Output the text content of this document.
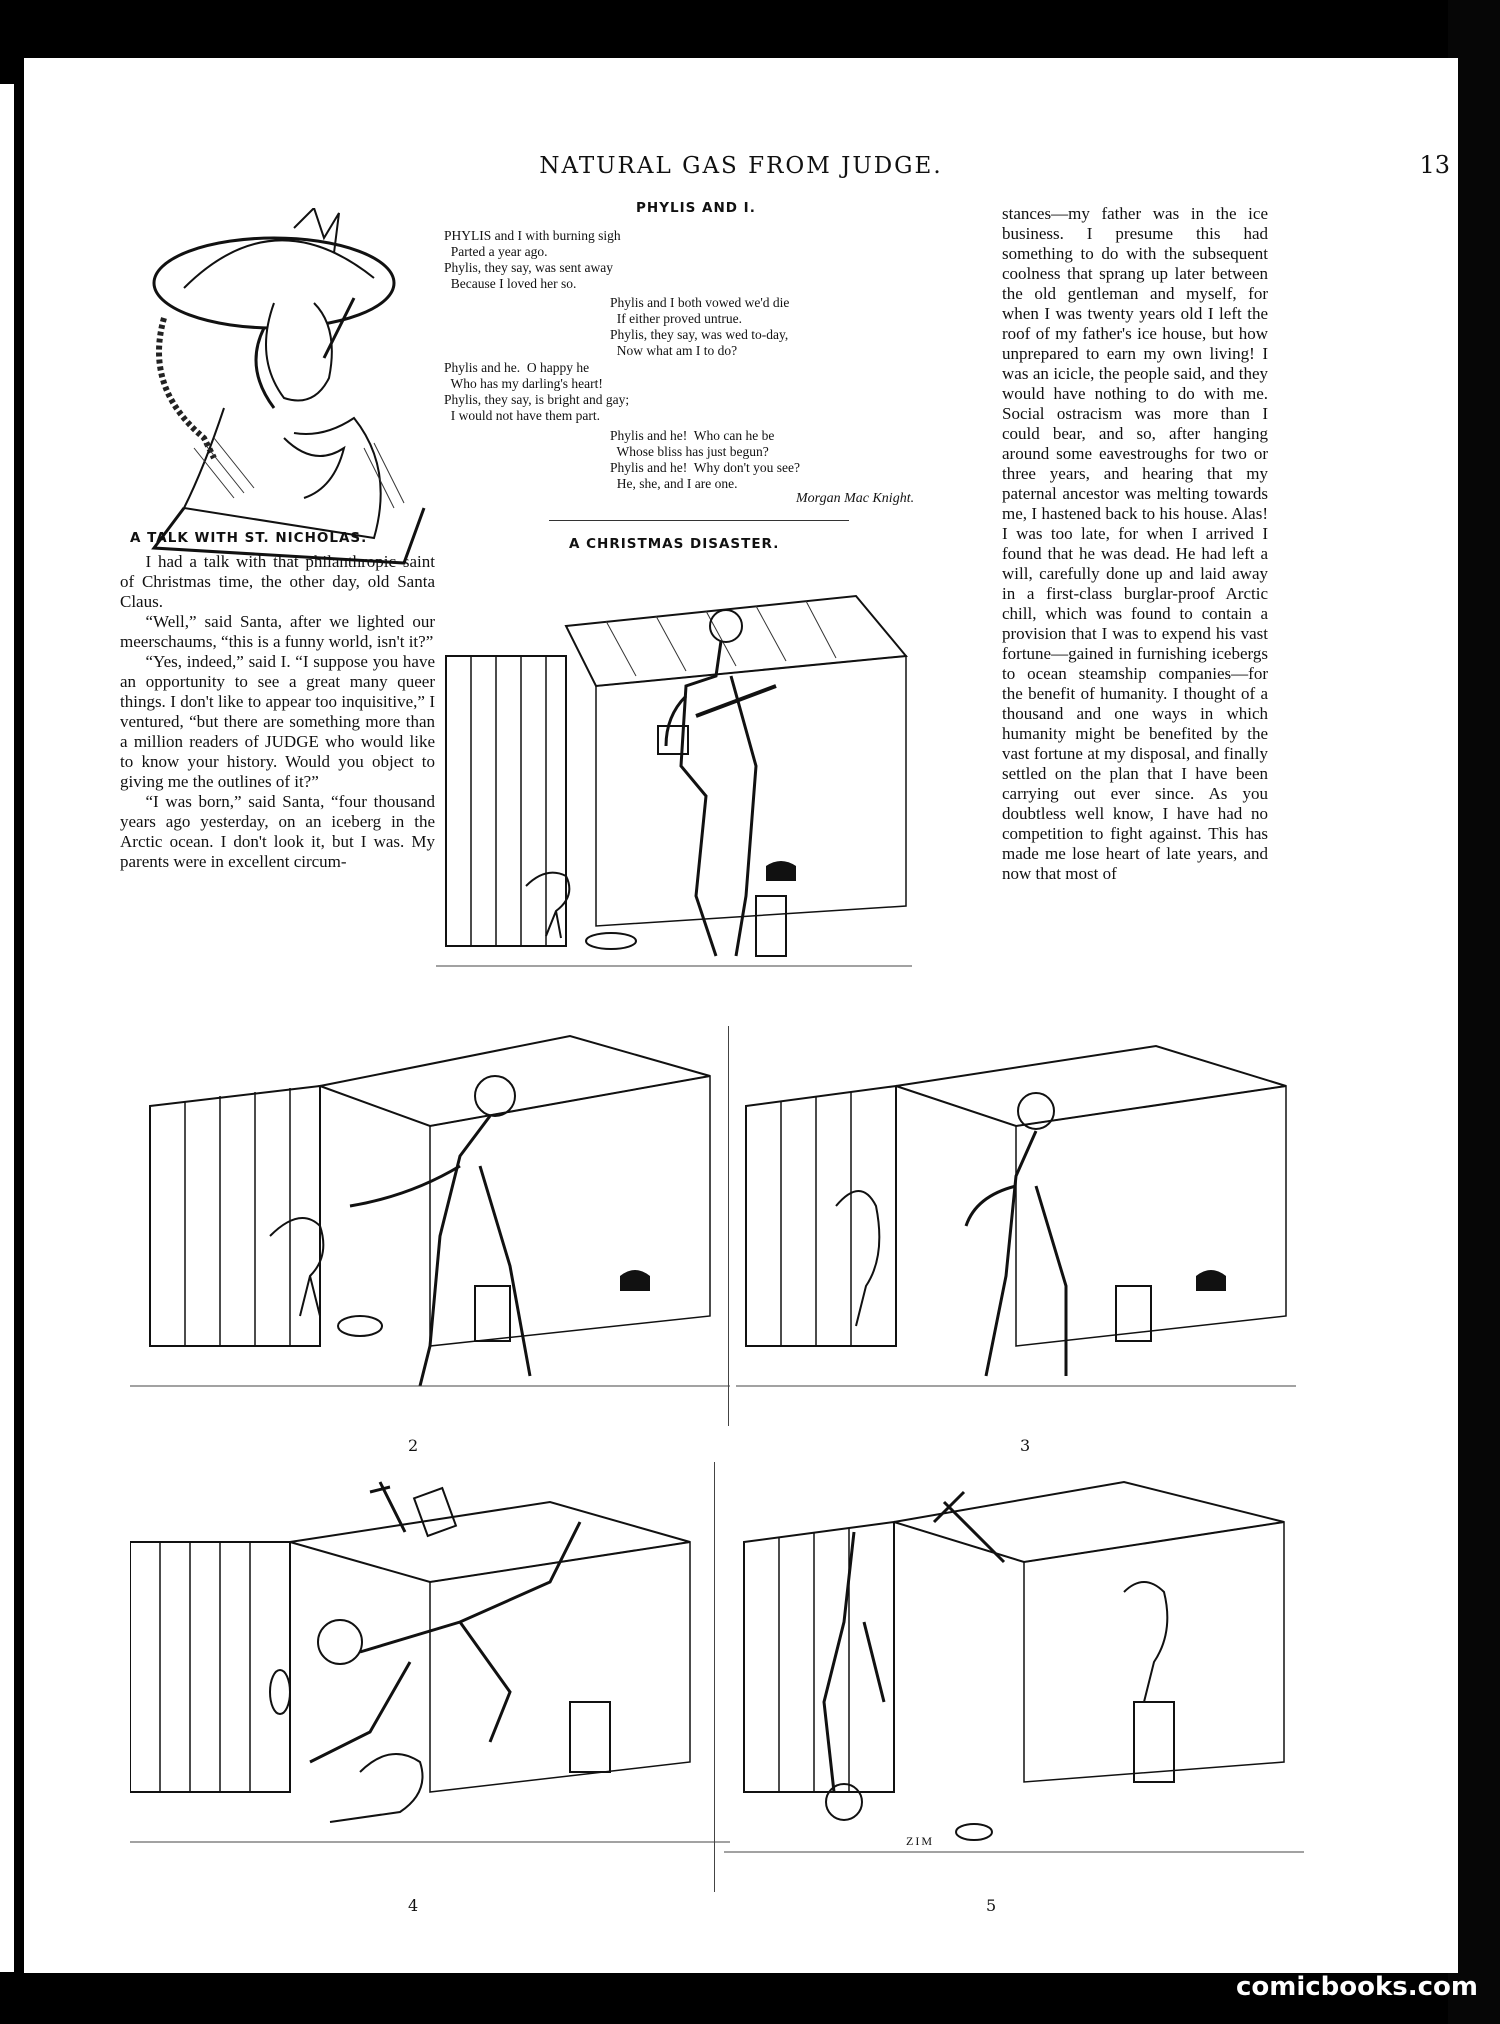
NATURAL GAS FROM JUDGE.	13
PHYLIS AND I.
PHYLIS and I with burning sigh
Parted a year ago.
Phylis, they say, was sent away
Because I loved her so.
Phylis and I both vowed we'd die
If either proved untrue.
Phylis, they say, was wed to-day,
Now what am I to do?
Phylis and he.  O happy he
Who has my darling's heart!
Phylis, they say, is bright and gay;
I would not have them part.
Phylis and he!  Who can he be
Whose bliss has just begun?
Phylis and he!  Why don't you see?
He, she, and I are one.
Morgan Mac Knight.
A TALK WITH ST. NICHOLAS.

I had a talk with that philanthropic saint of Christmas time, the other day, old Santa Claus.

“Well,” said Santa, after we lighted our meerschaums, “this is a funny world, isn't it?”

“Yes, indeed,” said I. “I suppose you have an opportunity to see a great many queer things. I don't like to appear too inquisitive,” I ventured, “but there are something more than a million readers of JUDGE who would like to know your history. Would you object to giving me the outlines of it?”

“I was born,” said Santa, “four thousand years ago yesterday, on an iceberg in the Arctic ocean. I don't look it, but I was. My parents were in excellent circum-

stances—my father was in the ice business. I presume this had something to do with the subsequent coolness that sprang up later between the old gentleman and myself, for when I was twenty years old I left the roof of my father's ice house, but how unprepared to earn my own living! I was an icicle, the people said, and they would have nothing to do with me. Social ostracism was more than I could bear, and so, after hanging around some eavestroughs for two or three years, and hearing that my paternal ancestor was melting towards me, I hastened back to his house. Alas! I was too late, for when I arrived I found that he was dead. He had left a will, carefully done up and laid away in a first-class burglar-proof Arctic chill, which was found to contain a provision that I was to expend his vast fortune—gained in furnishing icebergs to ocean steamship companies—for the benefit of humanity. I thought of a thousand and one ways in which humanity might be benefited by the vast fortune at my disposal, and finally settled on the plan that I have been carrying out ever since. As you doubtless well know, I have had no competition to fight against. This has made me lose heart of late years, and now that most of

A CHRISTMAS DISASTER.
2	3
4	5
ZIM
comicbooks.com
